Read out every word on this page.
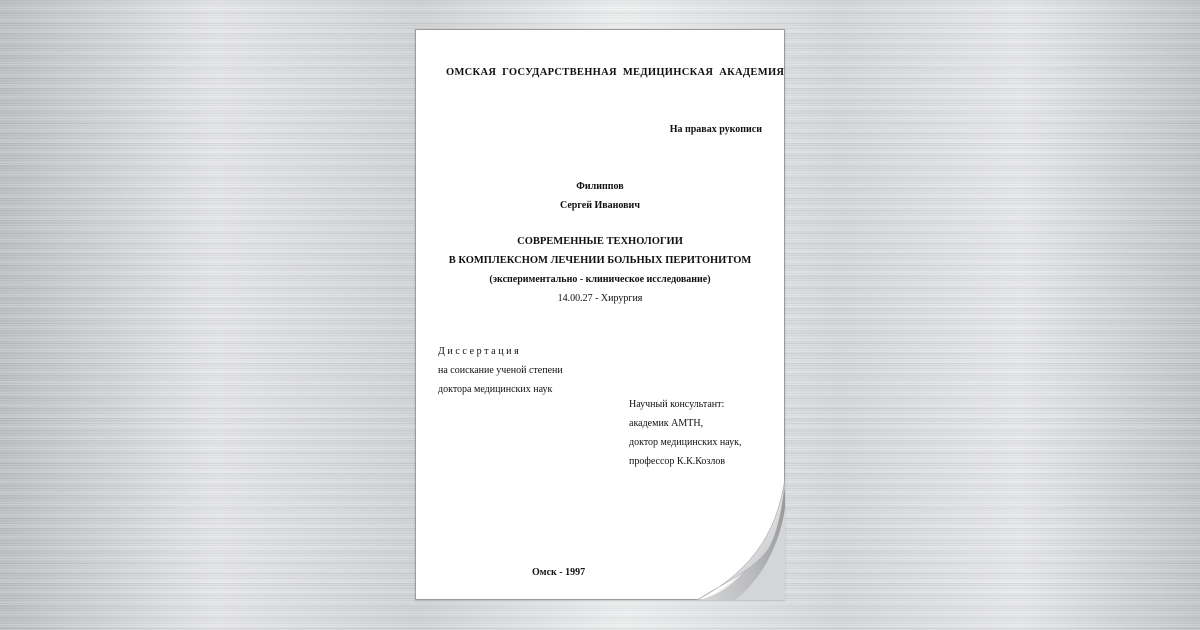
ОМСКАЯ ГОСУДАРСТВЕННАЯ МЕДИЦИНСКАЯ АКАДЕМИЯ
На правах рукописи
Филиппов
Сергей Иванович
СОВРЕМЕННЫЕ ТЕХНОЛОГИИ
В КОМПЛЕКСНОМ ЛЕЧЕНИИ БОЛЬНЫХ ПЕРИТОНИТОМ
(экспериментально - клиническое исследование)
14.00.27 - Хирургия
Диссертация
на соискание ученой степени
доктора медицинских наук
Научный консультант:
академик АМТН,
доктор медицинских наук,
профессор К.К.Козлов
Омск - 1997
